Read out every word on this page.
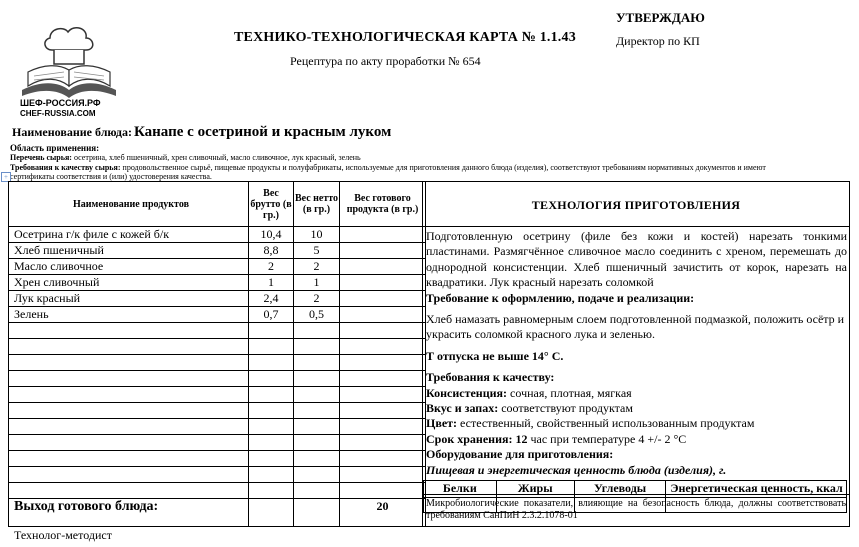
ШЕФ-РОССИЯ.РФ
CHEF-RUSSIA.COM
ТЕХНИКО-ТЕХНОЛОГИЧЕСКАЯ КАРТА № 1.1.43
Рецептура по акту проработки № 654
УТВЕРЖДАЮ
Директор по КП
Наименование блюда: Канапе с осетриной и красным луком
Область применения:
Перечень сырья: осетрина, хлеб пшеничный, хрен сливочный, масло сливочное, лук красный, зелень
Требования к качеству сырья: продовольственное сырьё, пищевые продукты и полуфабрикаты, используемые для приготовления данного блюда (изделия), соответствуют требованиям нормативных документов и имеют
сертификаты соответствия и (или) удостоверения качества.
+
Наименование продуктов	Вес брутто (в гр.)	Вес нетто (в гр.)	Вес готового продукта (в гр.)
Осетрина г/к филе с кожей б/к	10,4	10	
Хлеб пшеничный	8,8	5	
Масло сливочное	2	2	
Хрен сливочный	1	1	
Лук красный	2,4	2	
Зелень	0,7	0,5	

Выход готового блюда:			20
ТЕХНОЛОГИЯ ПРИГОТОВЛЕНИЯ
Подготовленную осетрину (филе без кожи и костей) нарезать тонкими пластинами. Размягчённое сливочное масло соединить с хреном, перемешать до однородной консистенции. Хлеб пшеничный зачистить от корок, нарезать на квадратики. Лук красный нарезать соломкой
Требование к оформлению, подаче и реализации:
Хлеб намазать равномерным слоем подготовленной подмазкой, положить осётр и украсить соломкой красного лука и зеленью.
Т отпуска не выше 14° С.
Требования к качеству:
Консистенция: сочная, плотная, мягкая
Вкус и запах: соответствуют продуктам
Цвет: естественный, свойственный использованным продуктам
Срок хранения: 12 час при температуре 4 +/- 2 °С
Оборудование для приготовления:
Пищевая и энергетическая ценность блюда (изделия), г.
Белки	Жиры	Углеводы	Энергетическая ценность, ккал

Микробиологические показатели, влияющие на безопасность блюда, должны соответствовать требованиям СанПиН 2.3.2.1078-01
Технолог-методист
